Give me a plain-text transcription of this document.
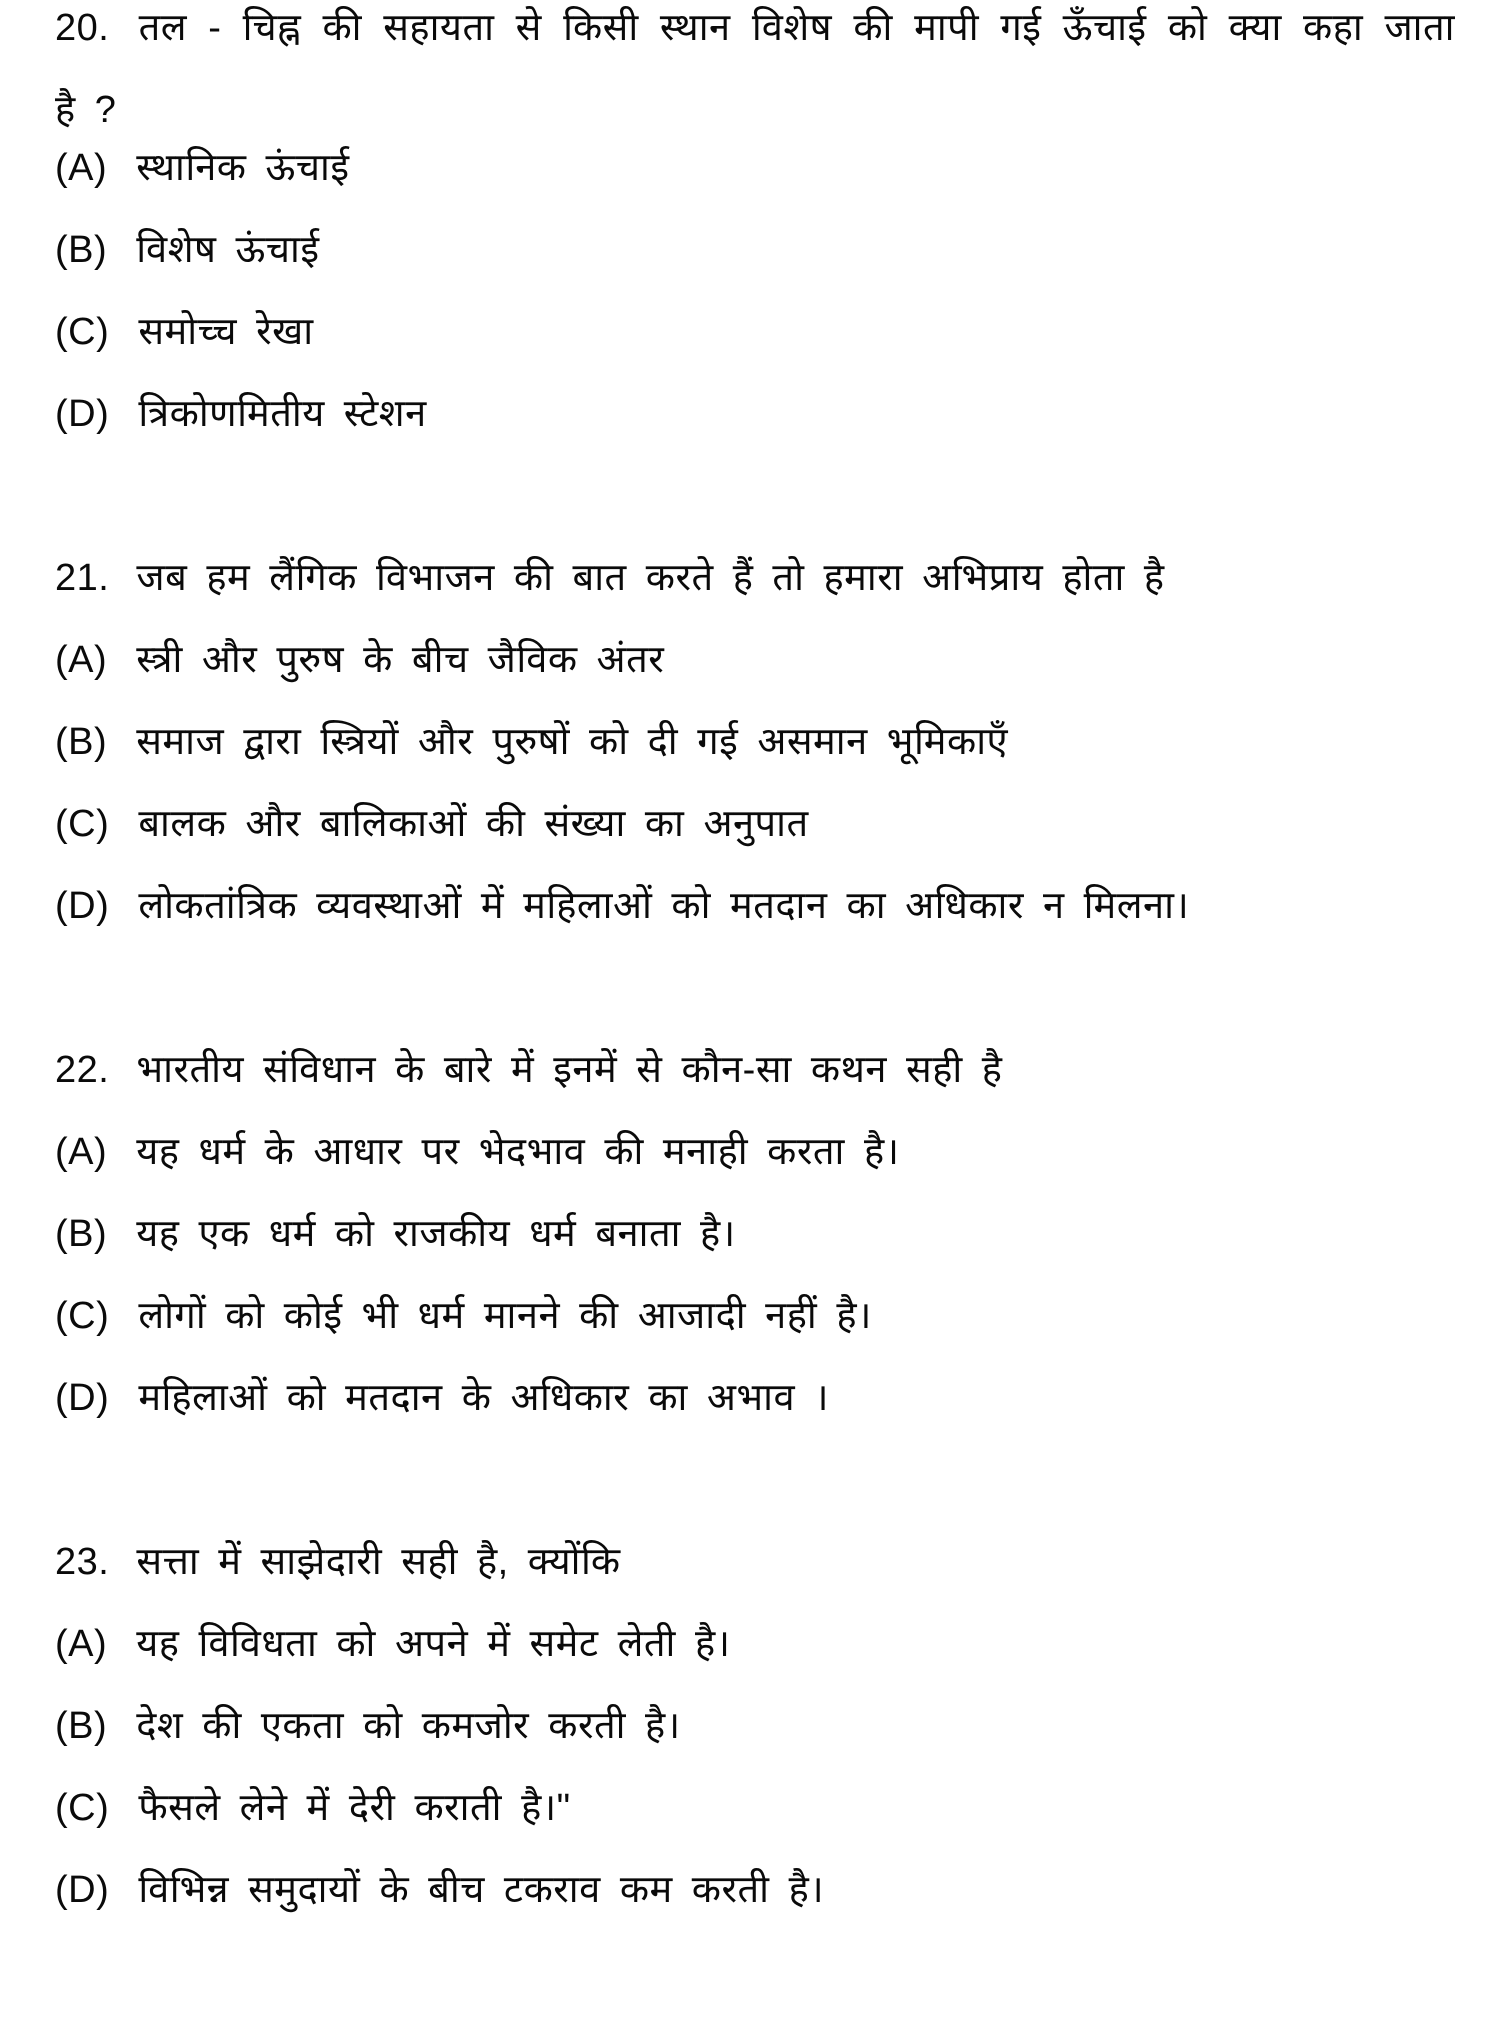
20. तल - चिह्न की सहायता से किसी स्थान विशेष की मापी गई ऊँचाई को क्या कहा जाता है ?
(A) स्थानिक ऊंचाई
(B) विशेष ऊंचाई
(C) समोच्च रेखा
(D) त्रिकोणमितीय स्टेशन
21. जब हम लैंगिक विभाजन की बात करते हैं तो हमारा अभिप्राय होता है
(A) स्त्री और पुरुष के बीच जैविक अंतर
(B) समाज द्वारा स्त्रियों और पुरुषों को दी गई असमान भूमिकाएँ
(C) बालक और बालिकाओं की संख्या का अनुपात
(D) लोकतांत्रिक व्यवस्थाओं में महिलाओं को मतदान का अधिकार न मिलना।
22. भारतीय संविधान के बारे में इनमें से कौन-सा कथन सही है
(A) यह धर्म के आधार पर भेदभाव की मनाही करता है।
(B) यह एक धर्म को राजकीय धर्म बनाता है।
(C) लोगों को कोई भी धर्म मानने की आजादी नहीं है।
(D) महिलाओं को मतदान के अधिकार का अभाव ।
23. सत्ता में साझेदारी सही है, क्योंकि
(A) यह विविधता को अपने में समेट लेती है।
(B) देश की एकता को कमजोर करती है।
(C) फैसले लेने में देरी कराती है।"
(D) विभिन्न समुदायों के बीच टकराव कम करती है।
